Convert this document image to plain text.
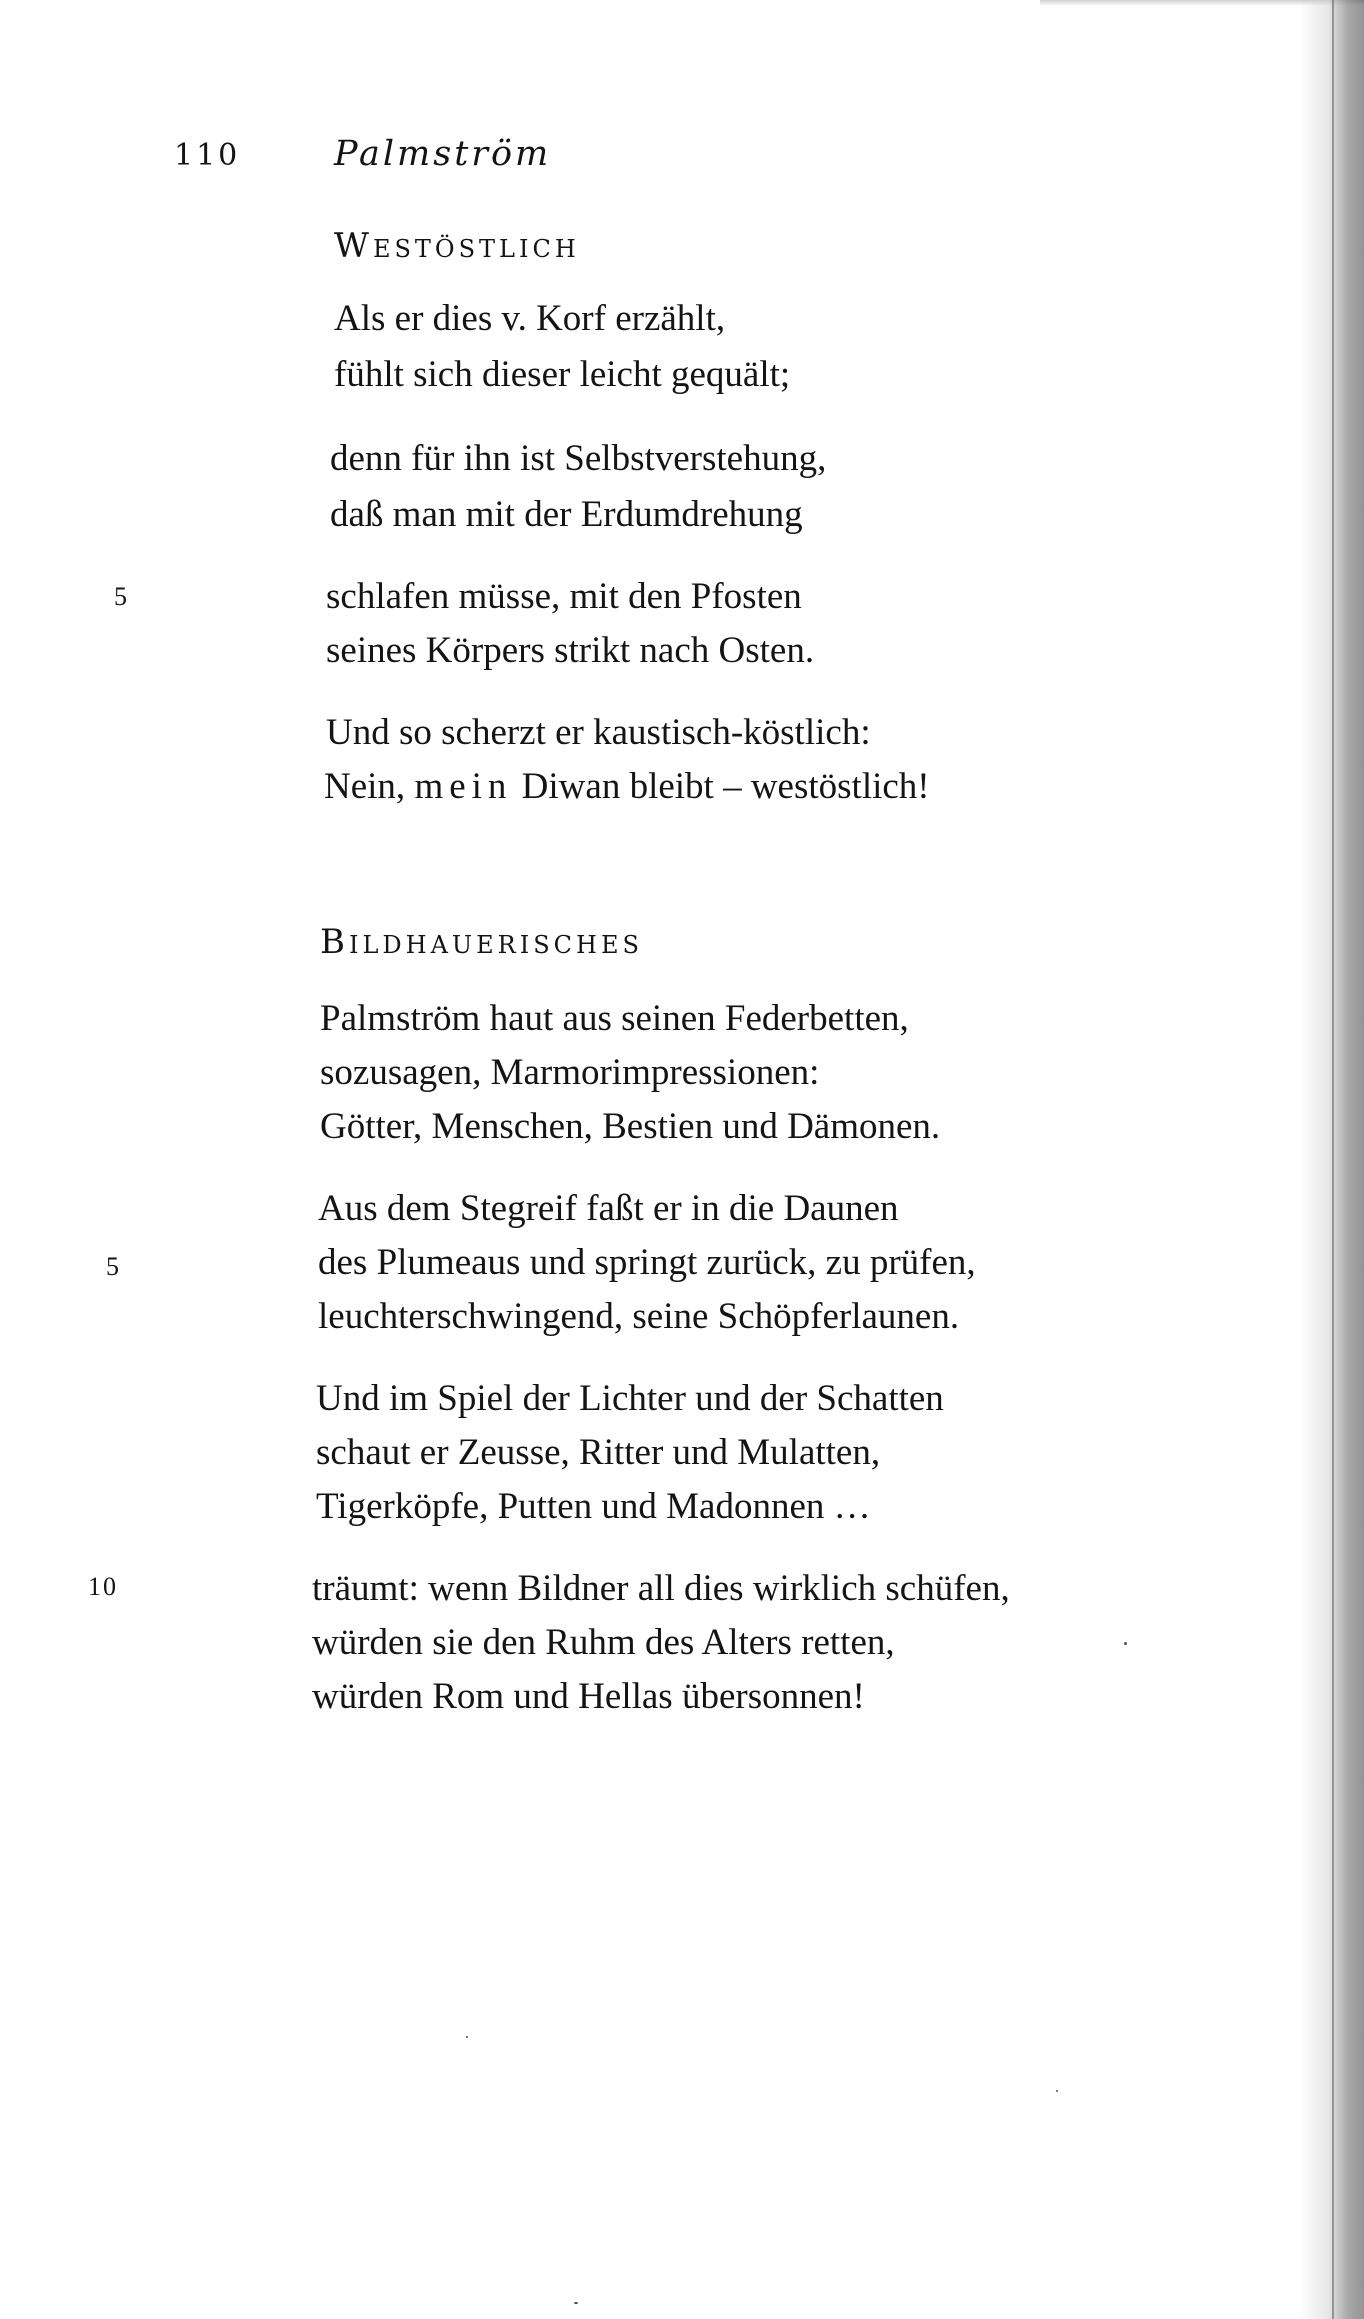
110	Palmström
Westöstlich
Als er dies v. Korf erzählt,
fühlt sich dieser leicht gequält;
denn für ihn ist Selbstverstehung,
daß man mit der Erdumdrehung
5	schlafen müsse, mit den Pfosten
seines Körpers strikt nach Osten.
Und so scherzt er kaustisch-köstlich:
Nein, mein Diwan bleibt – westöstlich!
Bildhauerisches
Palmström haut aus seinen Federbetten,
sozusagen, Marmorimpressionen:
Götter, Menschen, Bestien und Dämonen.
Aus dem Stegreif faßt er in die Daunen
5	des Plumeaus und springt zurück, zu prüfen,
leuchterschwingend, seine Schöpferlaunen.
Und im Spiel der Lichter und der Schatten
schaut er Zeusse, Ritter und Mulatten,
Tigerköpfe, Putten und Madonnen …
10	träumt: wenn Bildner all dies wirklich schüfen,
würden sie den Ruhm des Alters retten,
würden Rom und Hellas übersonnen!
